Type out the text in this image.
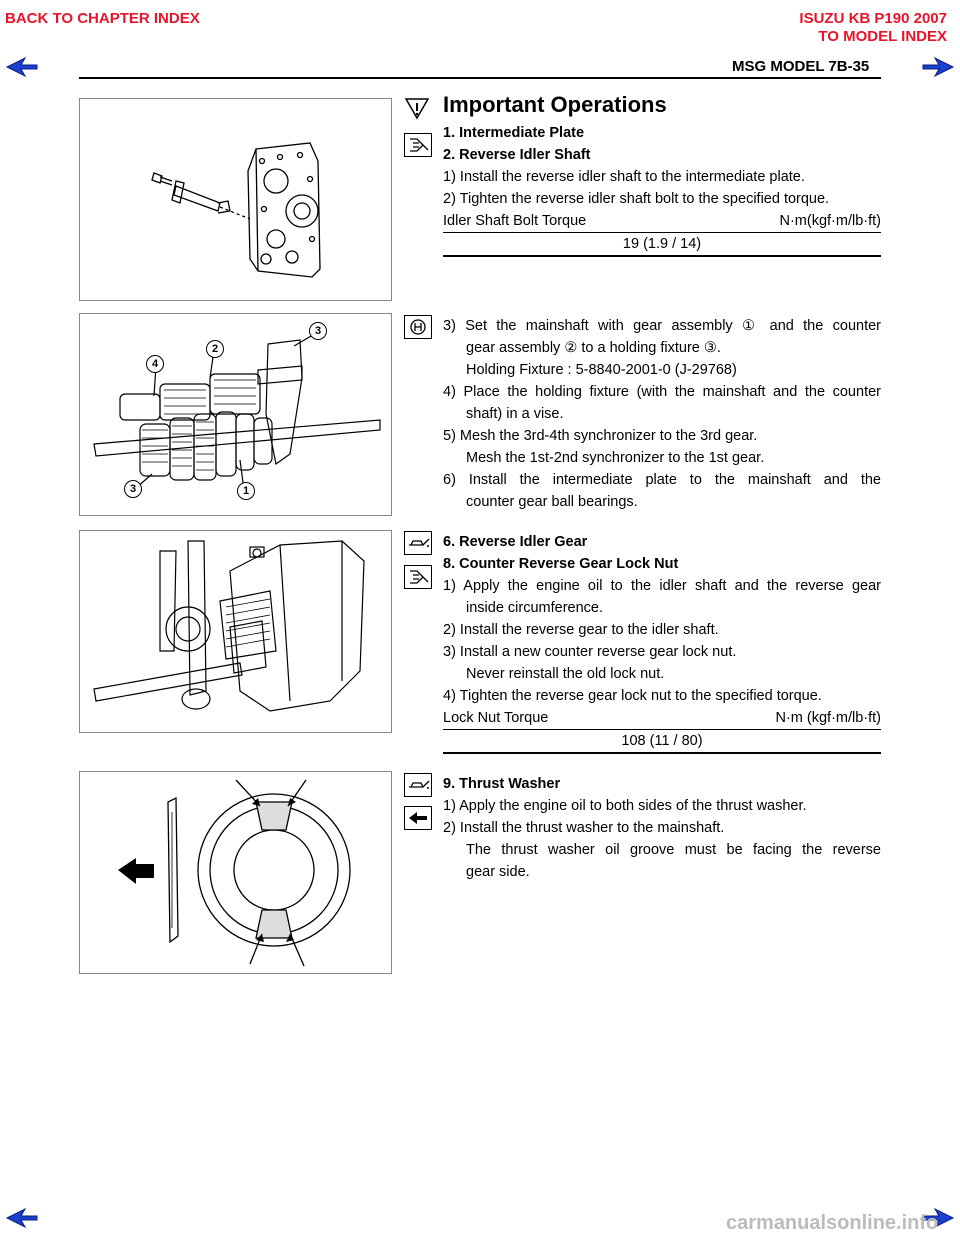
BACK TO CHAPTER INDEX	ISUZU KB P190 2007
TO MODEL INDEX
MSG MODEL 7B-35
Important Operations
1. Intermediate Plate
2. Reverse Idler Shaft
1) Install the reverse idler shaft to the intermediate plate.
2) Tighten the reverse idler shaft bolt to the specified torque.
Idler Shaft Bolt Torque	N·m(kgf·m/lb·ft)
19 (1.9 / 14)
3
2
4
1
3
3) Set the mainshaft with gear assembly ① and the counter
gear assembly ② to a holding fixture ③.
Holding Fixture : 5-8840-2001-0 (J-29768)
4) Place the holding fixture (with the mainshaft and the counter
shaft) in a vise.
5) Mesh the 3rd-4th synchronizer to the 3rd gear.
Mesh the 1st-2nd synchronizer to the 1st gear.
6) Install the intermediate plate to the mainshaft and the
counter gear ball bearings.
6. Reverse Idler Gear
8. Counter Reverse Gear Lock Nut
1) Apply the engine oil to the idler shaft and the reverse gear
inside circumference.
2) Install the reverse gear to the idler shaft.
3) Install a new counter reverse gear lock nut.
Never reinstall the old lock nut.
4) Tighten the reverse gear lock nut to the specified torque.
Lock Nut Torque	N·m (kgf·m/lb·ft)
108 (11 / 80)
9. Thrust Washer
1) Apply the engine oil to both sides of the thrust washer.
2) Install the thrust washer to the mainshaft.
The thrust washer oil groove must be facing the reverse
gear side.
carmanualsonline.info
